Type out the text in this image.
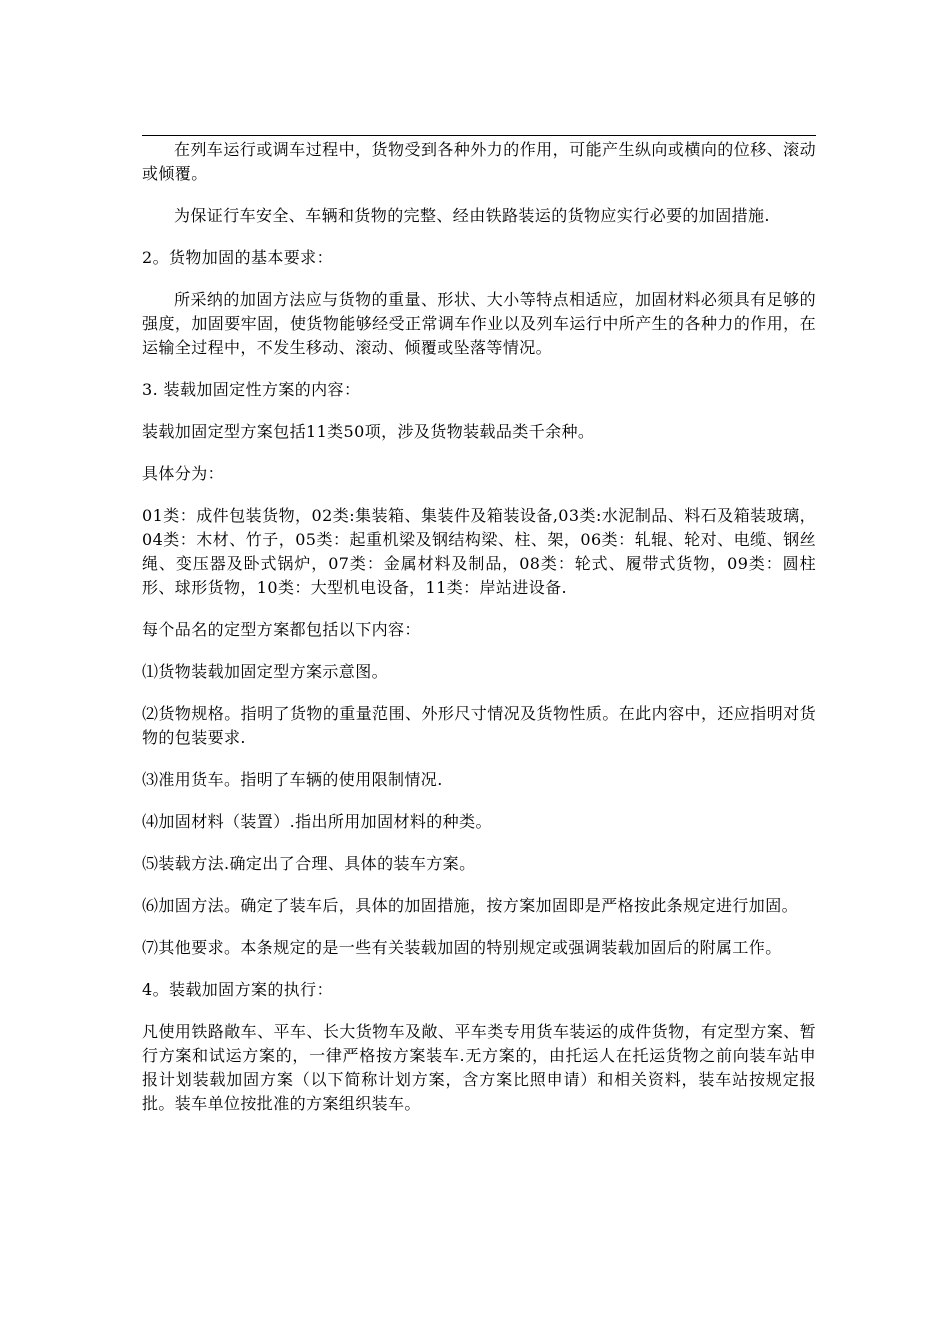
在列车运行或调车过程中，货物受到各种外力的作用，可能产生纵向或横向的位移、滚动或倾覆。

为保证行车安全、车辆和货物的完整、经由铁路装运的货物应实行必要的加固措施.

2。货物加固的基本要求：

所采纳的加固方法应与货物的重量、形状、大小等特点相适应，加固材料必须具有足够的强度，加固要牢固，使货物能够经受正常调车作业以及列车运行中所产生的各种力的作用，在运输全过程中，不发生移动、滚动、倾覆或坠落等情况。

3. 装载加固定性方案的内容：

装载加固定型方案包括11类50项，涉及货物装载品类千余种。

具体分为：

01类：成件包装货物，02类:集装箱、集装件及箱装设备,03类:水泥制品、料石及箱装玻璃，04类：木材、竹子，05类：起重机梁及钢结构梁、柱、架，06类：轧辊、轮对、电缆、钢丝绳、变压器及卧式锅炉，07类：金属材料及制品，08类：轮式、履带式货物，09类：圆柱形、球形货物，10类：大型机电设备，11类：岸站进设备.

每个品名的定型方案都包括以下内容：

⑴货物装载加固定型方案示意图。

⑵货物规格。指明了货物的重量范围、外形尺寸情况及货物性质。在此内容中，还应指明对货物的包装要求.

⑶准用货车。指明了车辆的使用限制情况.

⑷加固材料（装置）.指出所用加固材料的种类。

⑸装载方法.确定出了合理、具体的装车方案。

⑹加固方法。确定了装车后，具体的加固措施，按方案加固即是严格按此条规定进行加固。

⑺其他要求。本条规定的是一些有关装载加固的特别规定或强调装载加固后的附属工作。

4。装载加固方案的执行：

凡使用铁路敞车、平车、长大货物车及敞、平车类专用货车装运的成件货物，有定型方案、暂行方案和试运方案的，一律严格按方案装车.无方案的，由托运人在托运货物之前向装车站申报计划装载加固方案（以下简称计划方案，含方案比照申请）和相关资料，装车站按规定报批。装车单位按批准的方案组织装车。
